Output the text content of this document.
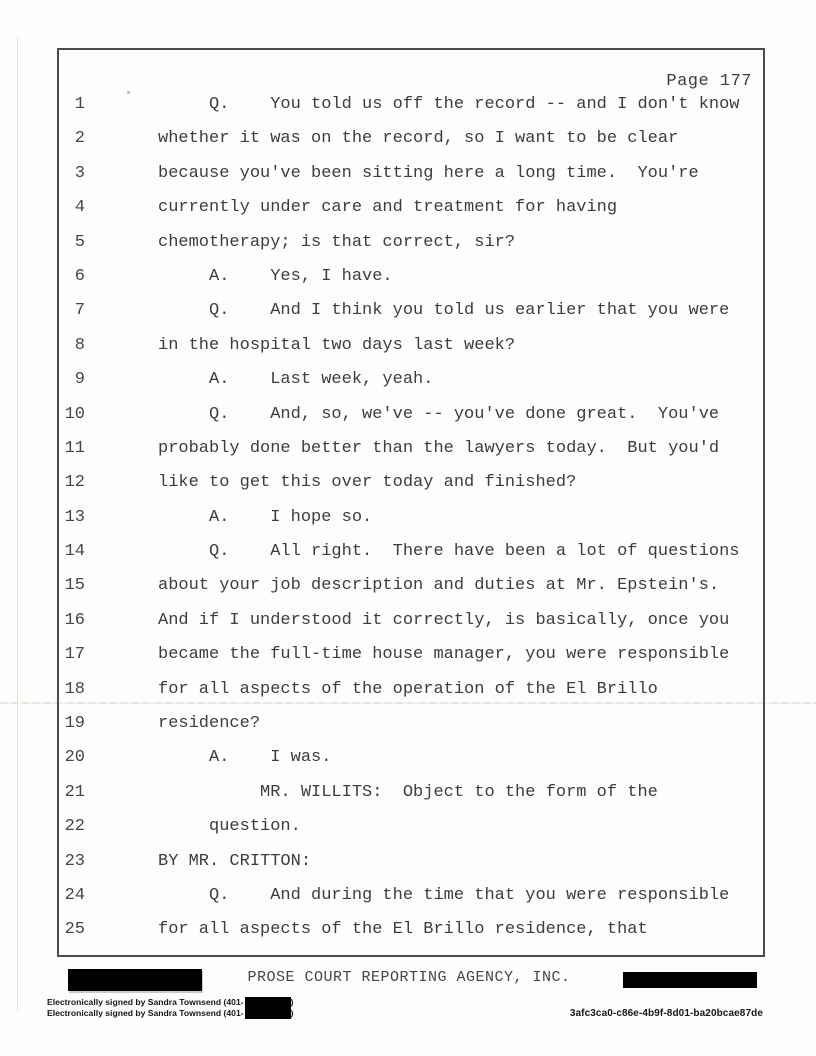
Page 177
1	Q.    You told us off the record -- and I don't know
2	whether it was on the record, so I want to be clear
3	because you've been sitting here a long time.  You're
4	currently under care and treatment for having
5	chemotherapy; is that correct, sir?
6	A.    Yes, I have.
7	Q.    And I think you told us earlier that you were
8	in the hospital two days last week?
9	A.    Last week, yeah.
10	Q.    And, so, we've -- you've done great.  You've
11	probably done better than the lawyers today.  But you'd
12	like to get this over today and finished?
13	A.    I hope so.
14	Q.    All right.  There have been a lot of questions
15	about your job description and duties at Mr. Epstein's.
16	And if I understood it correctly, is basically, once you
17	became the full-time house manager, you were responsible
18	for all aspects of the operation of the El Brillo
19	residence?
20	A.    I was.
21	MR. WILLITS:  Object to the form of the
22	question.
23	BY MR. CRITTON:
24	Q.    And during the time that you were responsible
25	for all aspects of the El Brillo residence, that
PROSE COURT REPORTING AGENCY, INC.
Electronically signed by Sandra Townsend (401-	)
Electronically signed by Sandra Townsend (401-	)	3afc3ca0-c86e-4b9f-8d01-ba20bcae87de
